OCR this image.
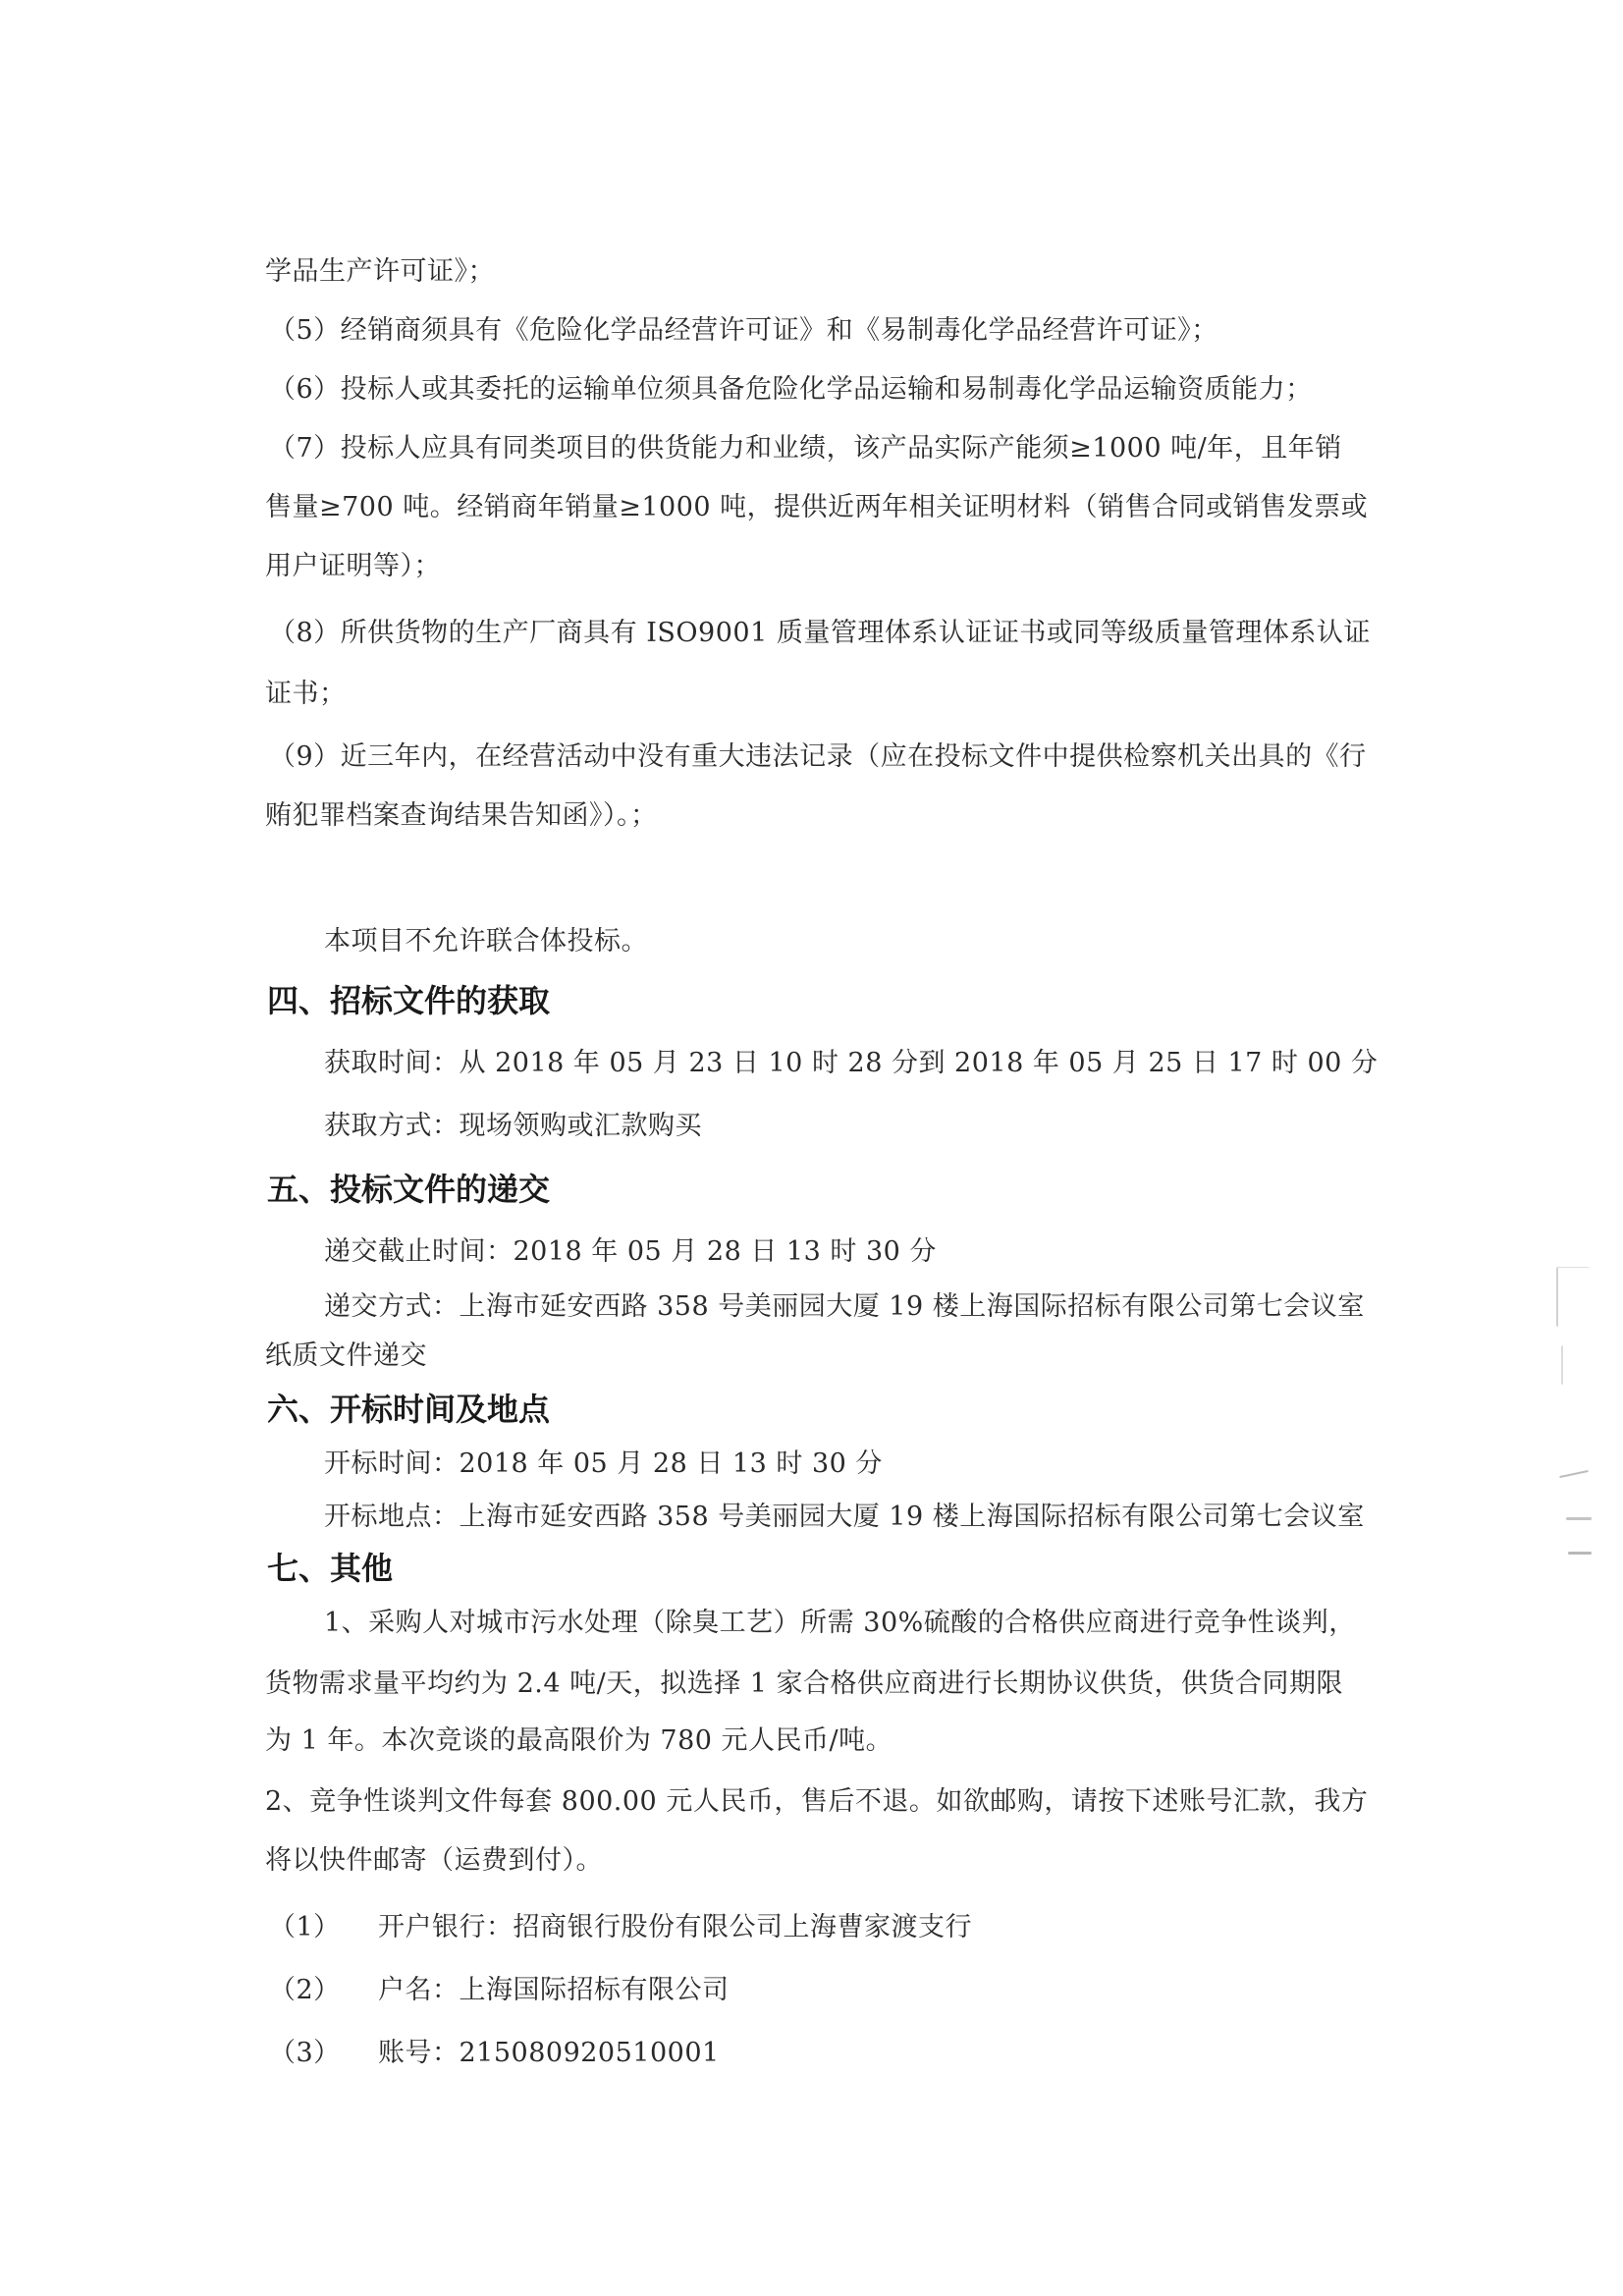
学品生产许可证》；
（5）经销商须具有《危险化学品经营许可证》和《易制毒化学品经营许可证》；
（6）投标人或其委托的运输单位须具备危险化学品运输和易制毒化学品运输资质能力；
（7）投标人应具有同类项目的供货能力和业绩，该产品实际产能须≥1000 吨/年，且年销
售量≥700 吨。经销商年销量≥1000 吨，提供近两年相关证明材料（销售合同或销售发票或
用户证明等）；
（8）所供货物的生产厂商具有 ISO9001 质量管理体系认证证书或同等级质量管理体系认证
证书；
（9）近三年内，在经营活动中没有重大违法记录（应在投标文件中提供检察机关出具的《行
贿犯罪档案查询结果告知函》）。；
本项目不允许联合体投标。
四、招标文件的获取
获取时间：从 2018 年 05 月 23 日 10 时 28 分到 2018 年 05 月 25 日 17 时 00 分
获取方式：现场领购或汇款购买
五、投标文件的递交
递交截止时间：2018 年 05 月 28 日 13 时 30 分
递交方式：上海市延安西路 358 号美丽园大厦 19 楼上海国际招标有限公司第七会议室
纸质文件递交
六、开标时间及地点
开标时间：2018 年 05 月 28 日 13 时 30 分
开标地点：上海市延安西路 358 号美丽园大厦 19 楼上海国际招标有限公司第七会议室
七、其他
1、采购人对城市污水处理（除臭工艺）所需 30%硫酸的合格供应商进行竞争性谈判，
货物需求量平均约为 2.4 吨/天，拟选择 1 家合格供应商进行长期协议供货，供货合同期限
为 1 年。本次竞谈的最高限价为 780 元人民币/吨。
2、竞争性谈判文件每套 800.00 元人民币，售后不退。如欲邮购，请按下述账号汇款，我方
将以快件邮寄（运费到付）。
（1） 开户银行：招商银行股份有限公司上海曹家渡支行
（2） 户名：上海国际招标有限公司
（3） 账号：215080920510001
